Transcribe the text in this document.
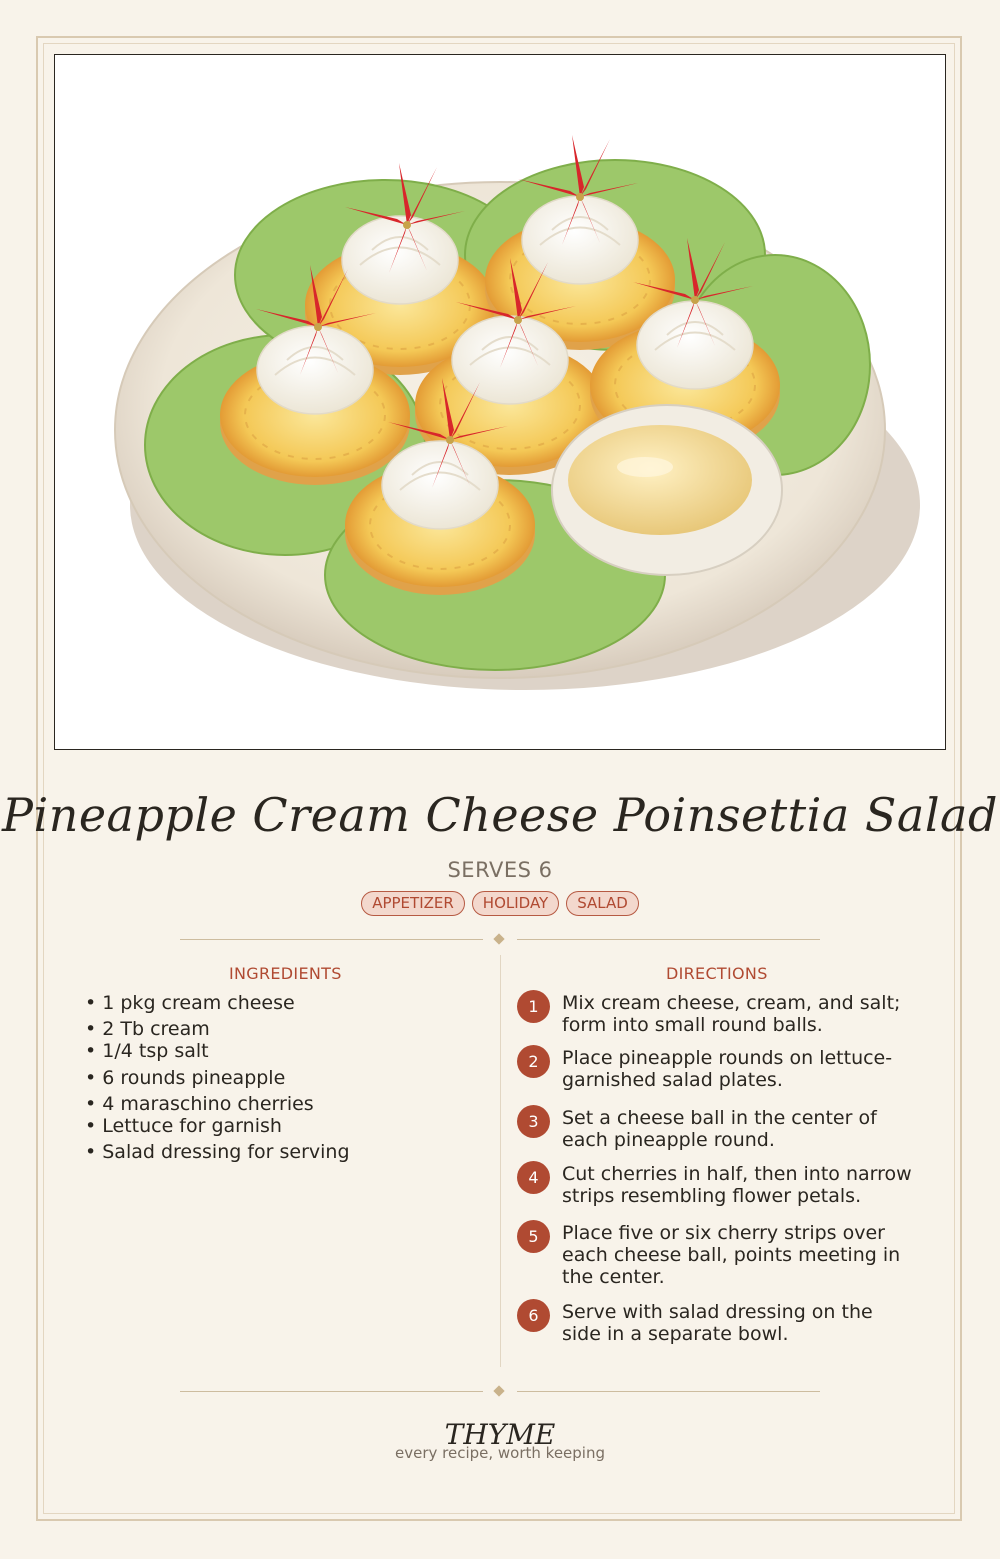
Pineapple Cream Cheese Poinsettia Salad
SERVES 6
APPETIZER	HOLIDAY	SALAD
INGREDIENTS	DIRECTIONS
• 1 pkg cream cheese
• 2 Tb cream
• 1/4 tsp salt
• 6 rounds pineapple
• 4 maraschino cherries
• Lettuce for garnish
• Salad dressing for serving
1	Mix cream cheese, cream, and salt; form into small round balls.
2	Place pineapple rounds on lettuce-garnished salad plates.
3	Set a cheese ball in the center of each pineapple round.
4	Cut cherries in half, then into narrow strips resembling flower petals.
5	Place five or six cherry strips over each cheese ball, points meeting in the center.
6	Serve with salad dressing on the side in a separate bowl.
THYME
every recipe, worth keeping
